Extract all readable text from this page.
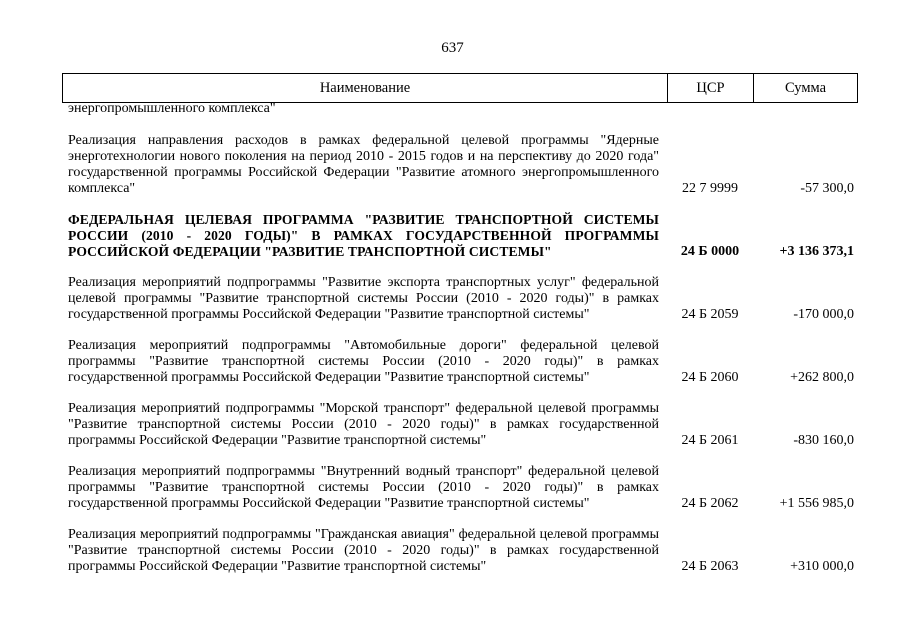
637
Наименование	ЦСР	Сумма
энергопромышленного комплекса"
Реализация направления расходов в рамках федеральной целевой программы "Ядерные энерготехнологии нового поколения на период 2010 - 2015 годов и на перспективу до 2020 года" государственной программы Российской Федерации "Развитие атомного энергопромышленного комплекса"	22 7 9999	-57 300,0
ФЕДЕРАЛЬНАЯ ЦЕЛЕВАЯ ПРОГРАММА "РАЗВИТИЕ ТРАНСПОРТНОЙ СИСТЕМЫ РОССИИ (2010 - 2020 ГОДЫ)" В РАМКАХ ГОСУДАРСТВЕННОЙ ПРОГРАММЫ РОССИЙСКОЙ ФЕДЕРАЦИИ "РАЗВИТИЕ ТРАНСПОРТНОЙ СИСТЕМЫ"	24 Б 0000	+3 136 373,1
Реализация мероприятий подпрограммы "Развитие экспорта транспортных услуг" федеральной целевой программы "Развитие транспортной системы России (2010 - 2020 годы)" в рамках государственной программы Российской Федерации "Развитие транспортной системы"	24 Б 2059	-170 000,0
Реализация мероприятий подпрограммы "Автомобильные дороги" федеральной целевой программы "Развитие транспортной системы России (2010 - 2020 годы)" в рамках государственной программы Российской Федерации "Развитие транспортной системы"	24 Б 2060	+262 800,0
Реализация мероприятий подпрограммы "Морской транспорт" федеральной целевой программы "Развитие транспортной системы России (2010 - 2020 годы)" в рамках государственной программы Российской Федерации "Развитие транспортной системы"	24 Б 2061	-830 160,0
Реализация мероприятий подпрограммы "Внутренний водный транспорт" федеральной целевой программы "Развитие транспортной системы России (2010 - 2020 годы)" в рамках государственной программы Российской Федерации "Развитие транспортной системы"	24 Б 2062	+1 556 985,0
Реализация мероприятий подпрограммы "Гражданская авиация" федеральной целевой программы "Развитие транспортной системы России (2010 - 2020 годы)" в рамках государственной программы Российской Федерации "Развитие транспортной системы"	24 Б 2063	+310 000,0
